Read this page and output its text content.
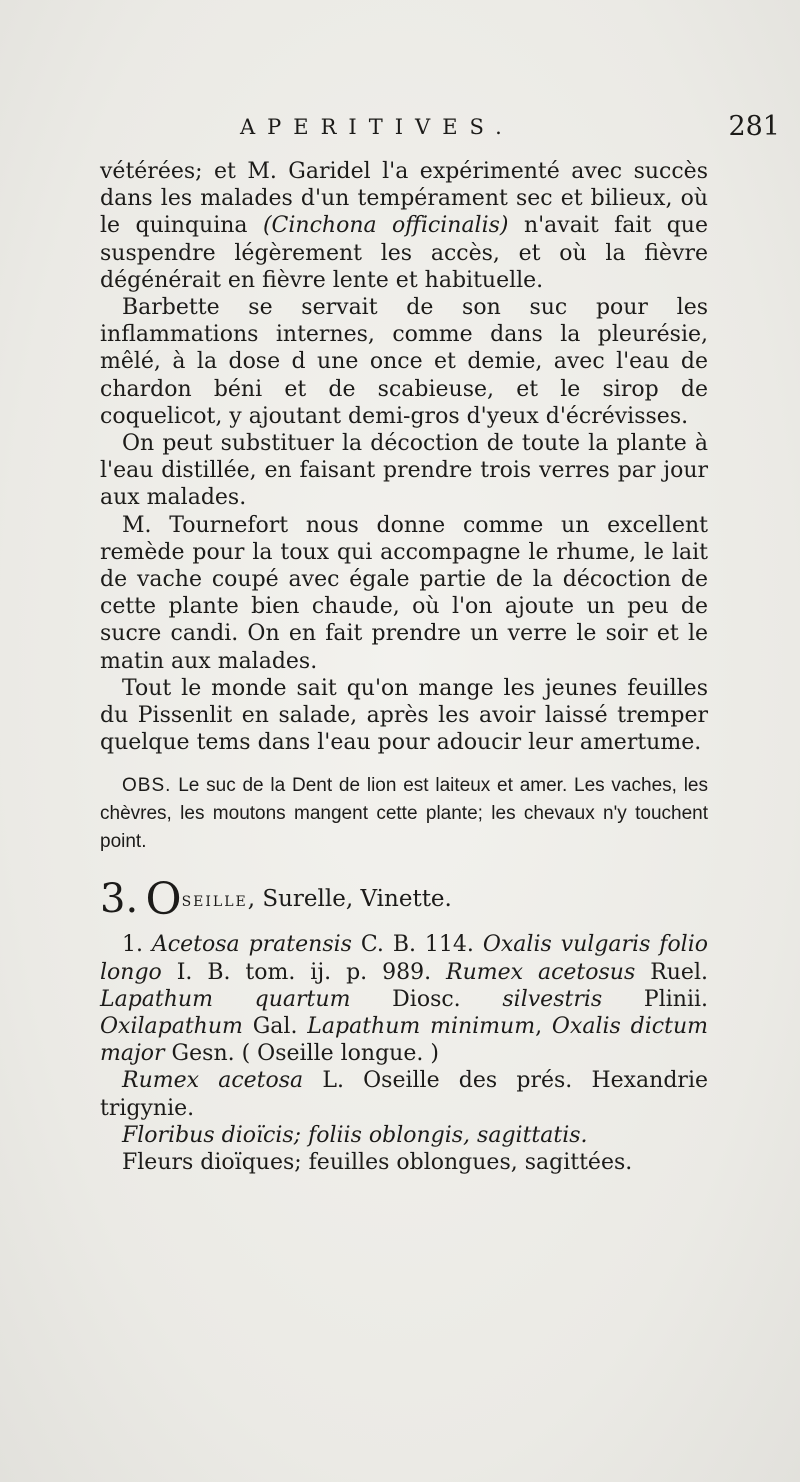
APERITIVES.	281

vétérées; et M. Garidel l'a expérimenté avec succès dans les malades d'un tempérament sec et bilieux, où le quinquina (Cinchona officinalis) n'avait fait que suspendre légèrement les accès, et où la fièvre dégénérait en fièvre lente et habituelle.

Barbette se servait de son suc pour les inflammations internes, comme dans la pleurésie, mêlé, à la dose d une once et demie, avec l'eau de chardon béni et de scabieuse, et le sirop de coquelicot, y ajoutant demi-gros d'yeux d'écrévisses.

On peut substituer la décoction de toute la plante à l'eau distillée, en faisant prendre trois verres par jour aux malades.

M. Tournefort nous donne comme un excellent remède pour la toux qui accompagne le rhume, le lait de vache coupé avec égale partie de la décoction de cette plante bien chaude, où l'on ajoute un peu de sucre candi. On en fait prendre un verre le soir et le matin aux malades.

Tout le monde sait qu'on mange les jeunes feuilles du Pissenlit en salade, après les avoir laissé tremper quelque tems dans l'eau pour adoucir leur amertume.

OBS. Le suc de la Dent de lion est laiteux et amer. Les vaches, les chèvres, les moutons mangent cette plante; les chevaux n'y touchent point.

3. OSEILLE, Surelle, Vinette.

1. Acetosa pratensis C. B. 114. Oxalis vulgaris folio longo I. B. tom. ij. p. 989. Rumex acetosus Ruel. Lapathum quartum Diosc. silvestris Plinii. Oxilapathum Gal. Lapathum minimum, Oxalis dictum major Gesn. ( Oseille longue. )

Rumex acetosa L. Oseille des prés. Hexandrie trigynie.

Floribus dioïcis; foliis oblongis, sagittatis.

Fleurs dioïques; feuilles oblongues, sagittées.
